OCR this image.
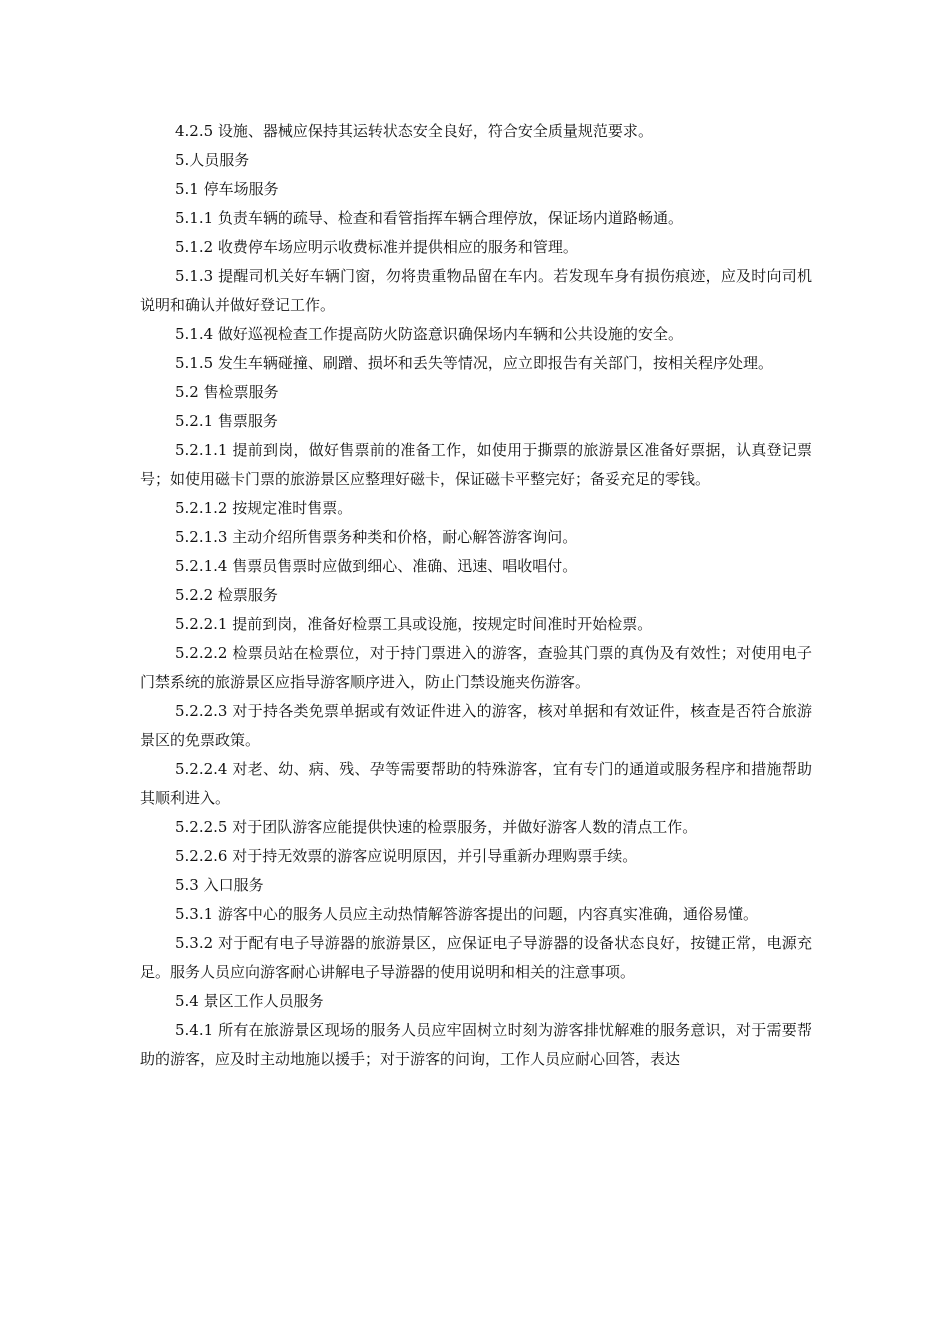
4.2.5 设施、器械应保持其运转状态安全良好，符合安全质量规范要求。

5.人员服务

5.1 停车场服务

5.1.1 负责车辆的疏导、检查和看管指挥车辆合理停放，保证场内道路畅通。

5.1.2 收费停车场应明示收费标准并提供相应的服务和管理。

5.1.3 提醒司机关好车辆门窗，勿将贵重物品留在车内。若发现车身有损伤痕迹，应及时向司机说明和确认并做好登记工作。

5.1.4 做好巡视检查工作提高防火防盗意识确保场内车辆和公共设施的安全。

5.1.5 发生车辆碰撞、刷蹭、损坏和丢失等情况，应立即报告有关部门，按相关程序处理。

5.2 售检票服务

5.2.1 售票服务

5.2.1.1 提前到岗，做好售票前的准备工作，如使用于撕票的旅游景区准备好票据，认真登记票号；如使用磁卡门票的旅游景区应整理好磁卡，保证磁卡平整完好；备妥充足的零钱。

5.2.1.2 按规定准时售票。

5.2.1.3 主动介绍所售票务种类和价格，耐心解答游客询问。

5.2.1.4 售票员售票时应做到细心、准确、迅速、唱收唱付。

5.2.2 检票服务

5.2.2.1 提前到岗，准备好检票工具或设施，按规定时间准时开始检票。

5.2.2.2 检票员站在检票位，对于持门票进入的游客，查验其门票的真伪及有效性；对使用电子门禁系统的旅游景区应指导游客顺序进入，防止门禁设施夹伤游客。

5.2.2.3 对于持各类免票单据或有效证件进入的游客，核对单据和有效证件，核查是否符合旅游景区的免票政策。

5.2.2.4 对老、幼、病、残、孕等需要帮助的特殊游客，宜有专门的通道或服务程序和措施帮助其顺利进入。

5.2.2.5 对于团队游客应能提供快速的检票服务，并做好游客人数的清点工作。

5.2.2.6 对于持无效票的游客应说明原因，并引导重新办理购票手续。

5.3 入口服务

5.3.1 游客中心的服务人员应主动热情解答游客提出的问题，内容真实准确，通俗易懂。

5.3.2 对于配有电子导游器的旅游景区，应保证电子导游器的设备状态良好，按键正常，电源充足。服务人员应向游客耐心讲解电子导游器的使用说明和相关的注意事项。

5.4 景区工作人员服务

5.4.1 所有在旅游景区现场的服务人员应牢固树立时刻为游客排忧解难的服务意识，对于需要帮助的游客，应及时主动地施以援手；对于游客的问询，工作人员应耐心回答，表达
